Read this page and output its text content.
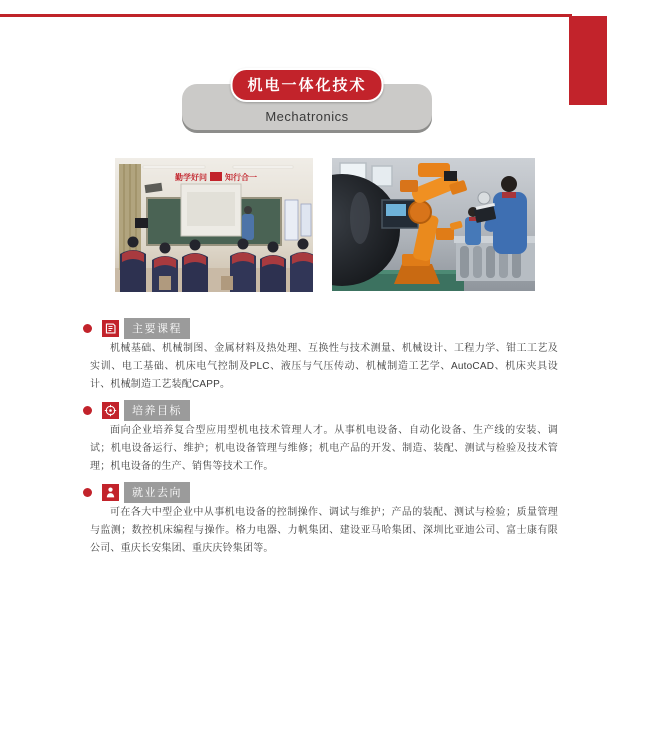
Mechatronics
机电一体化技术
勤学好问 知行合一
主要课程
机械基础、机械制图、金属材料及热处理、互换性与技术测量、机械设计、工程力学、钳工工艺及实训、电工基础、机床电气控制及PLC、液压与气压传动、机械制造工艺学、AutoCAD、机床夹具设计、机械制造工艺装配CAPP。
培养目标
面向企业培养复合型应用型机电技术管理人才。从事机电设备、自动化设备、生产线的安装、调试；机电设备运行、维护；机电设备管理与维修；机电产品的开发、制造、装配、测试与检验及技术管理；机电设备的生产、销售等技术工作。
就业去向
可在各大中型企业中从事机电设备的控制操作、调试与维护；产品的装配、测试与检验；质量管理与监测；数控机床编程与操作。格力电器、力帆集团、建设亚马哈集团、深圳比亚迪公司、富士康有限公司、重庆长安集团、重庆庆铃集团等。
